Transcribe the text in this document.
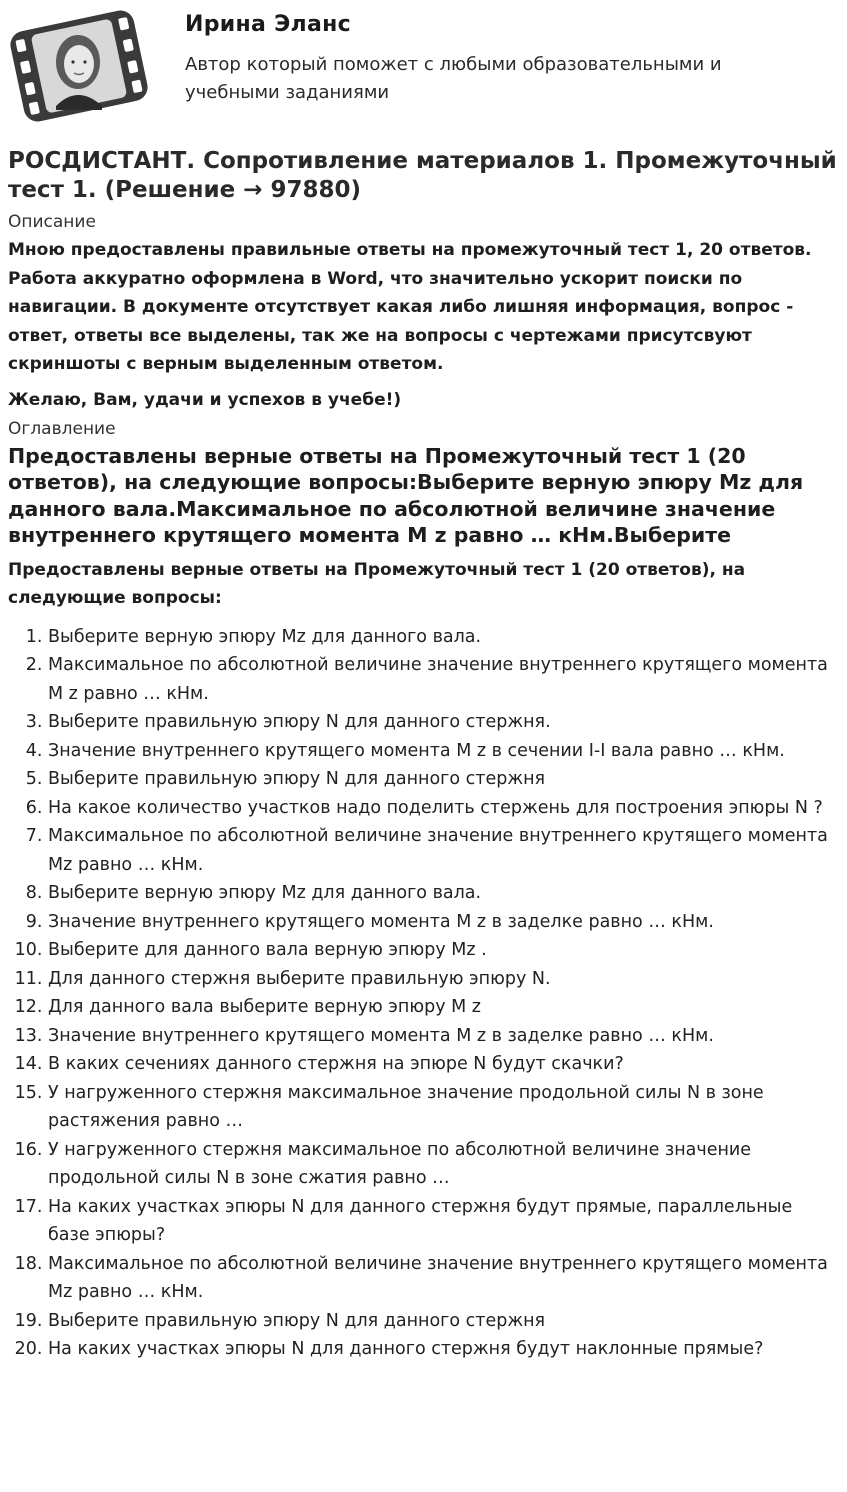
Ирина Эланс
Автор который поможет с любыми образовательными и учебными заданиями
РОСДИСТАНТ. Сопротивление материалов 1. Промежуточный тест 1. (Решение → 97880)
Описание
Мною предоставлены правильные ответы на промежуточный тест 1, 20 ответов. Работа аккуратно оформлена в Word, что значительно ускорит поиски по навигации. В документе отсутствует какая либо лишняя информация, вопрос - ответ, ответы все выделены, так же на вопросы с чертежами присутсвуют скриншоты с верным выделенным ответом.
Желаю, Вам, удачи и успехов в учебе!)
Оглавление
Предоставлены верные ответы на Промежуточный тест 1 (20 ответов), на следующие вопросы:Выберите верную эпюру Mz для данного вала.Максимальное по абсолютной величине значение внутреннего крутящего момента M z равно … кНм.Выберите
Предоставлены верные ответы на Промежуточный тест 1 (20 ответов), на следующие вопросы:
1. Выберите верную эпюру Mz для данного вала.
2. Максимальное по абсолютной величине значение внутреннего крутящего момента M z равно … кНм.
3. Выберите правильную эпюру N для данного стержня.
4. Значение внутреннего крутящего момента M z в сечении I-I вала равно … кНм.
5. Выберите правильную эпюру N для данного стержня
6. На какое количество участков надо поделить стержень для построения эпюры N ?
7. Максимальное по абсолютной величине значение внутреннего крутящего момента Mz равно … кНм.
8. Выберите верную эпюру Mz для данного вала.
9. Значение внутреннего крутящего момента M z в заделке равно … кНм.
10. Выберите для данного вала верную эпюру Mz .
11. Для данного стержня выберите правильную эпюру N.
12. Для данного вала выберите верную эпюру M z
13. Значение внутреннего крутящего момента M z в заделке равно … кНм.
14. В каких сечениях данного стержня на эпюре N будут скачки?
15. У нагруженного стержня максимальное значение продольной силы N в зоне растяжения равно …
16. У нагруженного стержня максимальное по абсолютной величине значение продольной силы N в зоне сжатия равно …
17. На каких участках эпюры N для данного стержня будут прямые, параллельные базе эпюры?
18. Максимальное по абсолютной величине значение внутреннего крутящего момента Mz равно … кНм.
19. Выберите правильную эпюру N для данного стержня
20. На каких участках эпюры N для данного стержня будут наклонные прямые?
